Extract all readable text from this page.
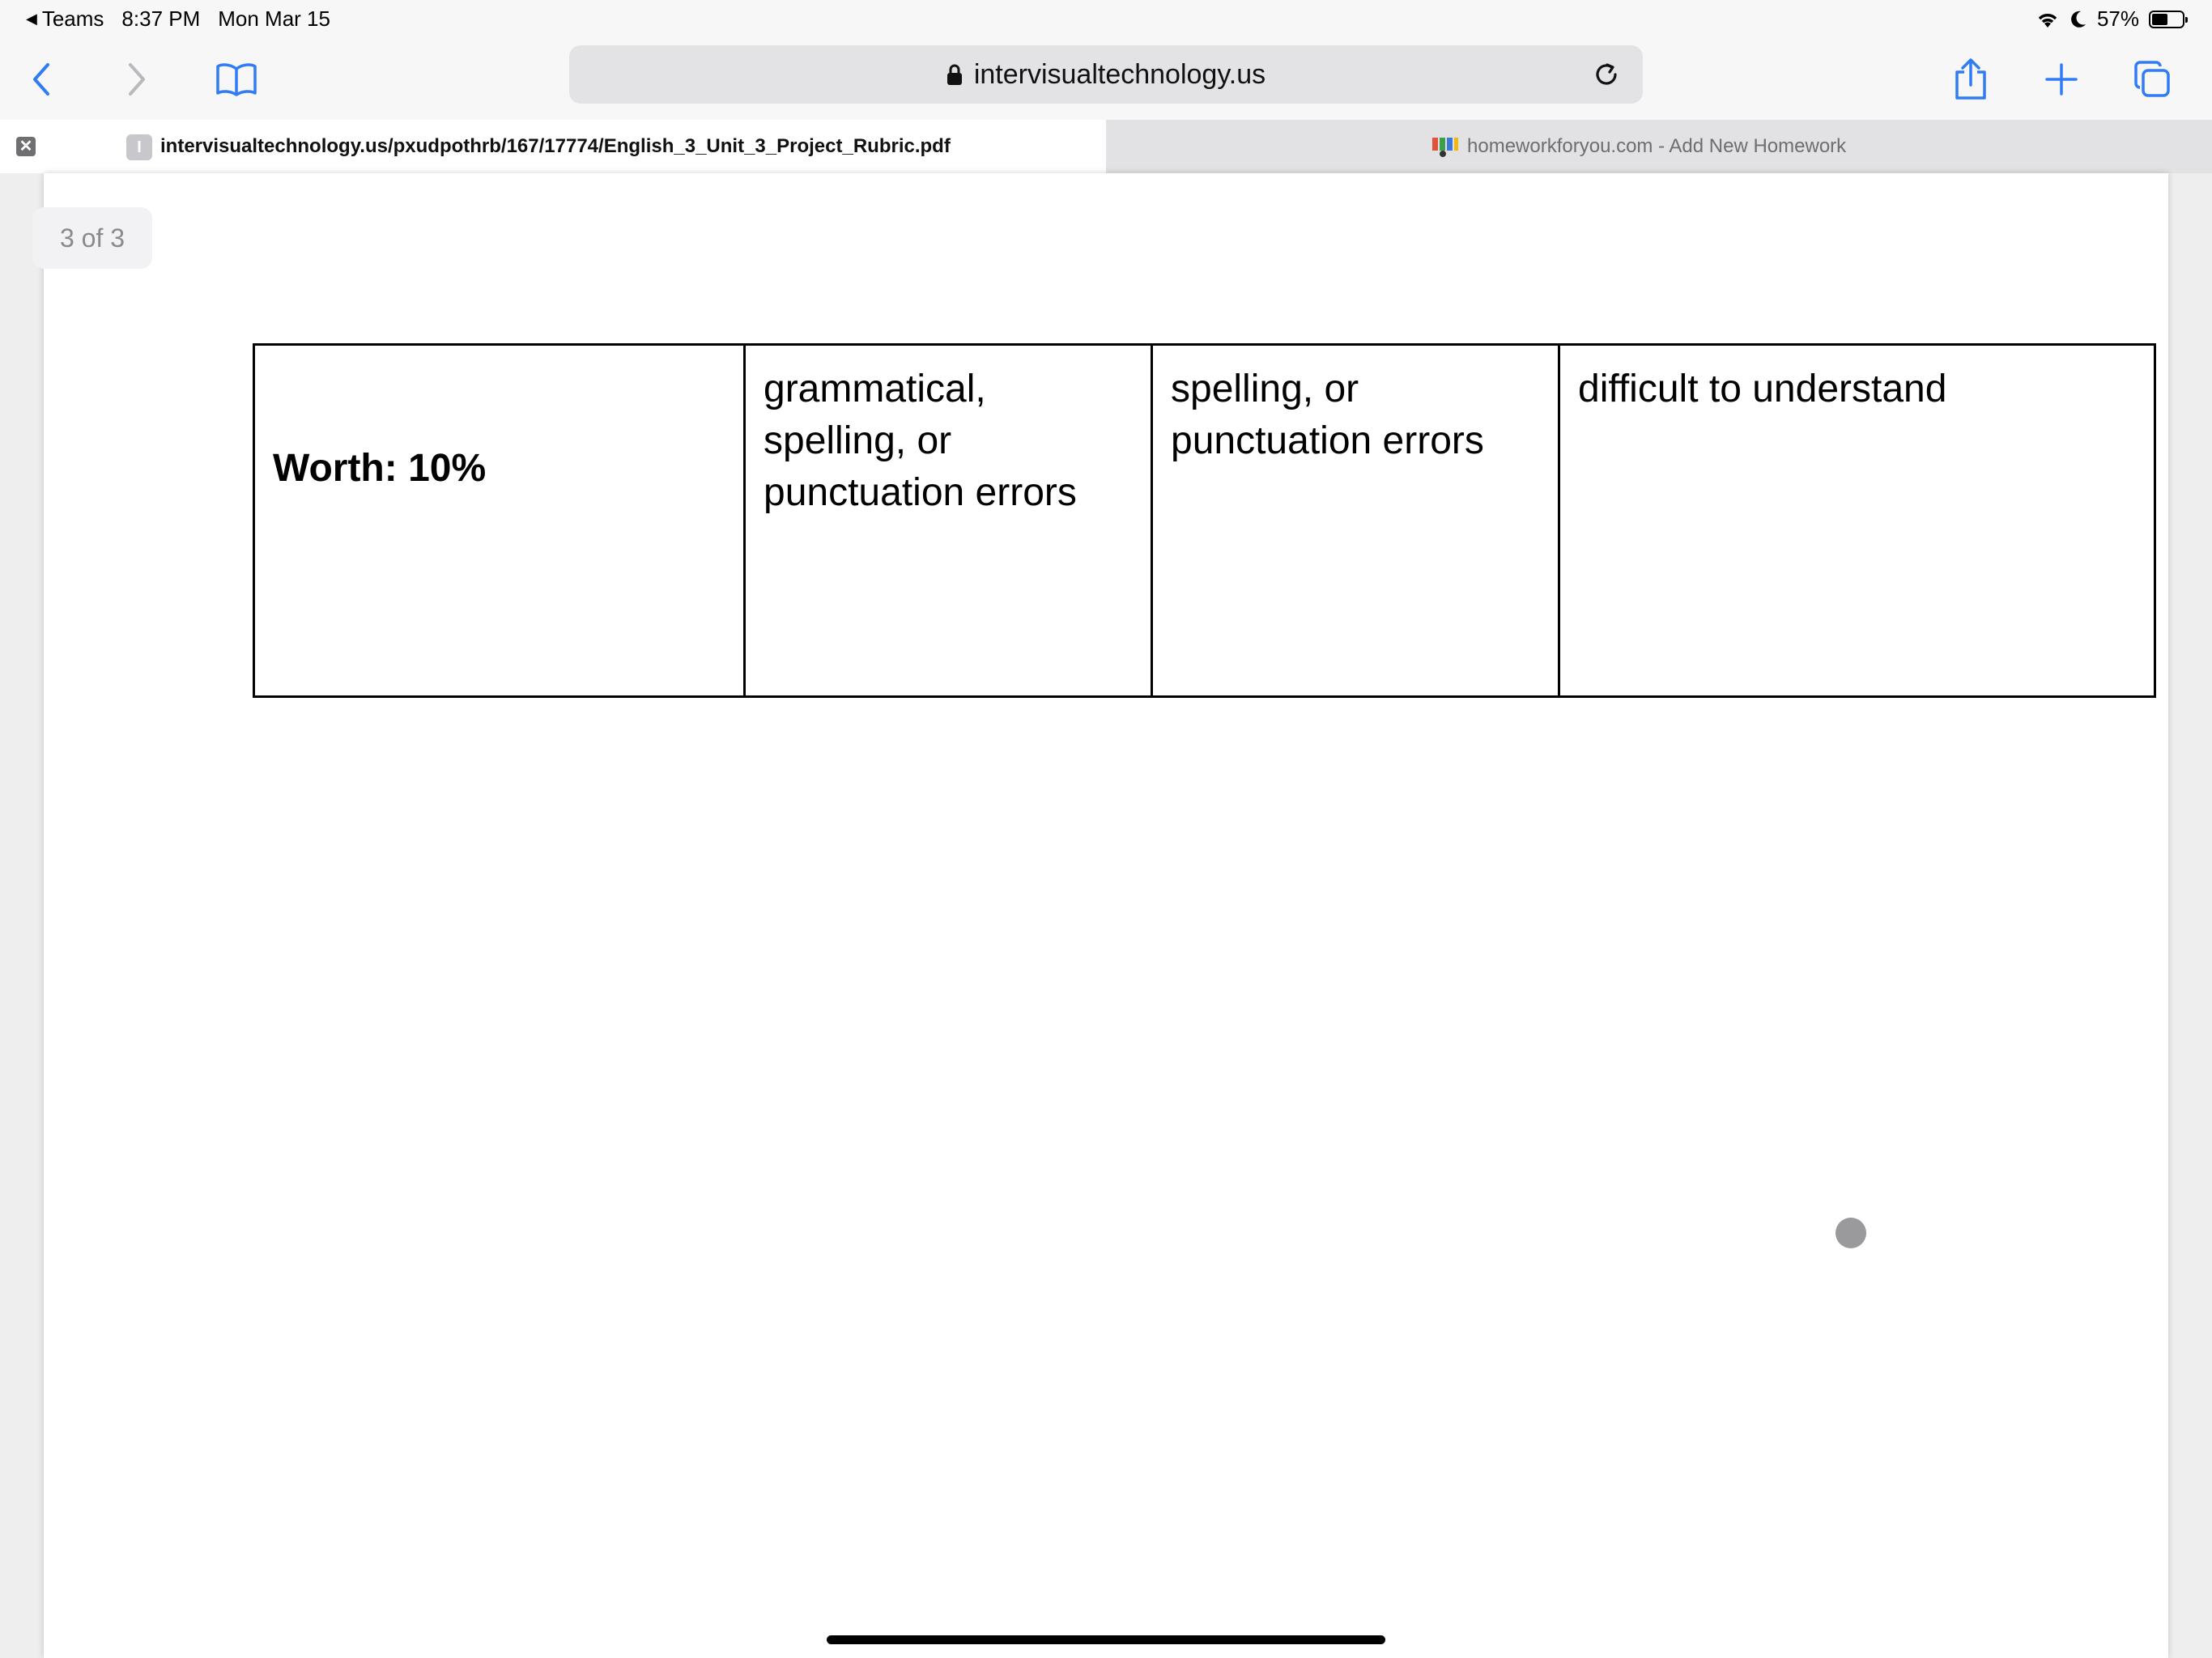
◀ Teams 8:37 PM Mon Mar 15	57%
intervisualtechnology.us
✕	I intervisualtechnology.us/pxudpothrb/167/17774/English_3_Unit_3_Project_Rubric.pdf	homeworkforyou.com - Add New Homework
Worth: 10%	grammatical,
spelling, or
punctuation errors	spelling, or
punctuation errors	difficult to understand
3 of 3
